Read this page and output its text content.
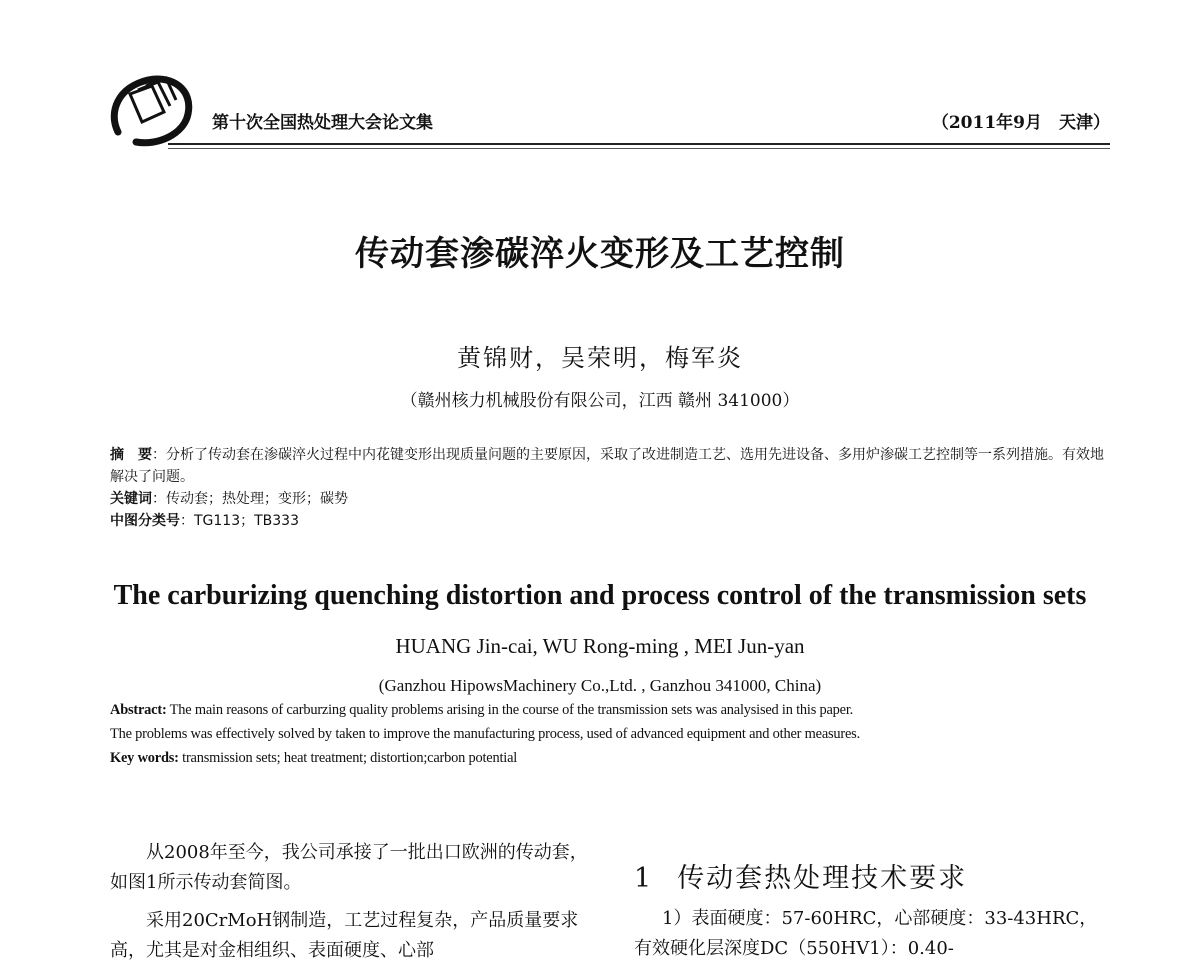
第十次全国热处理大会论文集	（2011年9月　天津）
传动套渗碳淬火变形及工艺控制
黄锦财，吴荣明，梅军炎
（赣州核力机械股份有限公司，江西 赣州 341000）

摘　要：分析了传动套在渗碳淬火过程中内花键变形出现质量问题的主要原因，采取了改进制造工艺、选用先进设备、多用炉渗碳工艺控制等一系列措施。有效地解决了问题。

关键词：传动套；热处理；变形；碳势

中图分类号：TG113；TB333

The carburizing quenching distortion and process control of the transmission sets
HUANG Jin-cai, WU Rong-ming , MEI Jun-yan
(Ganzhou HipowsMachinery Co.,Ltd. , Ganzhou 341000, China)

Abstract: The main reasons of carburzing quality problems arising in the course of the transmission sets was analysised in this paper.

The problems was effectively solved by taken to improve the manufacturing process, used of advanced equipment and other measures.

Key words: transmission sets; heat treatment; distortion;carbon potential

从2008年至今，我公司承接了一批出口欧洲的传动套，如图1所示传动套简图。

采用20CrMoH钢制造，工艺过程复杂，产品质量要求高，尤其是对金相组织、表面硬度、心部

1 传动套热处理技术要求

1）表面硬度：57-60HRC，心部硬度：33-43HRC，有效硬化层深度DC（550HV1）：0.40-
